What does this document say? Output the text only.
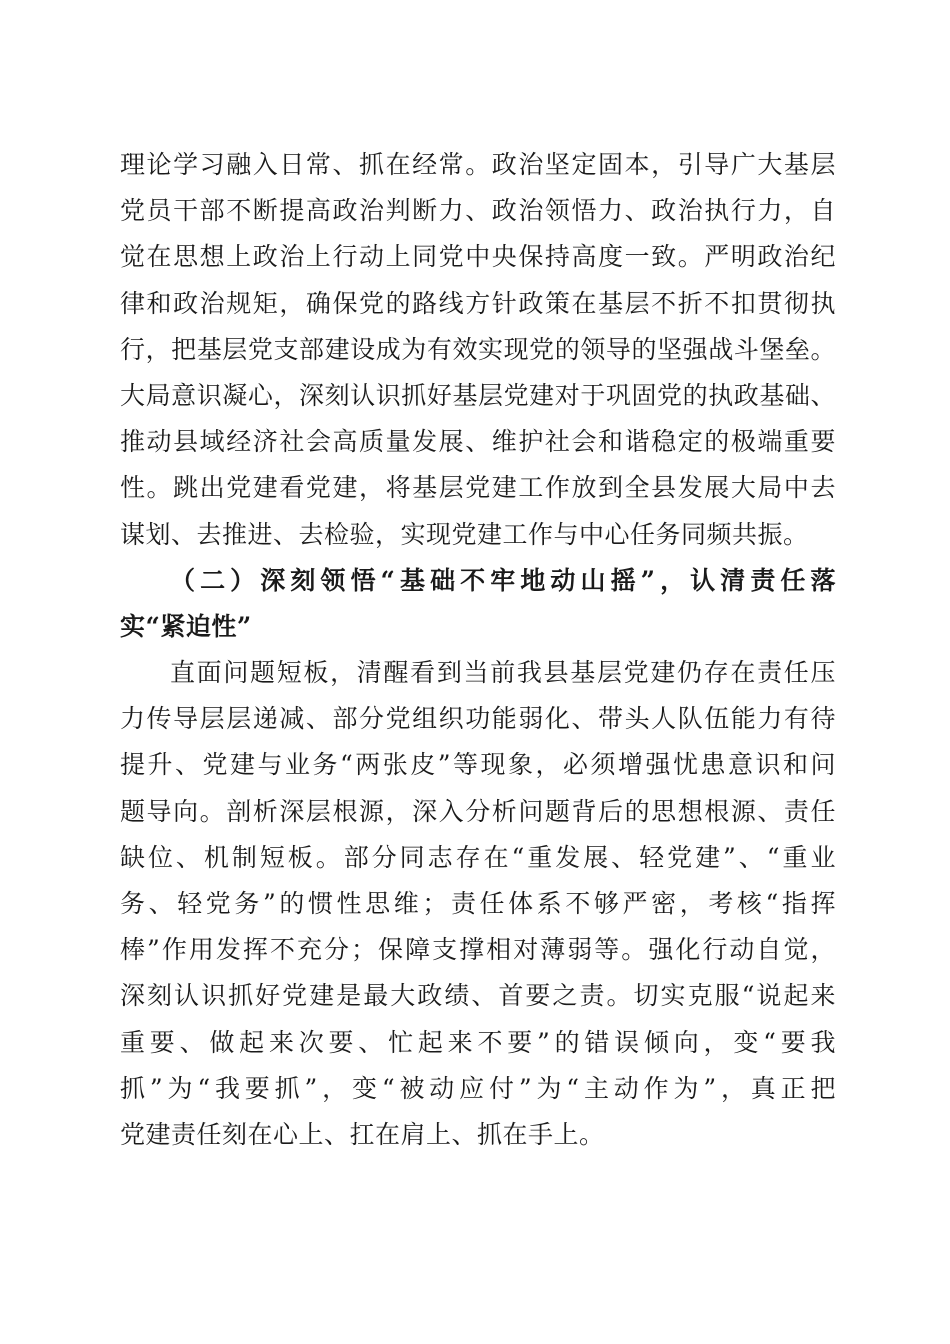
理论学习融入日常、抓在经常。政治坚定固本，引导广大基层
党员干部不断提高政治判断力、政治领悟力、政治执行力，自
觉在思想上政治上行动上同党中央保持高度一致。严明政治纪
律和政治规矩，确保党的路线方针政策在基层不折不扣贯彻执
行，把基层党支部建设成为有效实现党的领导的坚强战斗堡垒。
大局意识凝心，深刻认识抓好基层党建对于巩固党的执政基础、
推动县域经济社会高质量发展、维护社会和谐稳定的极端重要
性。跳出党建看党建，将基层党建工作放到全县发展大局中去
谋划、去推进、去检验，实现党建工作与中心任务同频共振。
（二）深刻领悟“基础不牢地动山摇”，认清责任落
实“紧迫性”
直面问题短板，清醒看到当前我县基层党建仍存在责任压
力传导层层递减、部分党组织功能弱化、带头人队伍能力有待
提升、党建与业务“两张皮”等现象，必须增强忧患意识和问
题导向。剖析深层根源，深入分析问题背后的思想根源、责任
缺位、机制短板。部分同志存在“重发展、轻党建”、“重业
务、轻党务”的惯性思维；责任体系不够严密，考核“指挥
棒”作用发挥不充分；保障支撑相对薄弱等。强化行动自觉，
深刻认识抓好党建是最大政绩、首要之责。切实克服“说起来
重要、做起来次要、忙起来不要”的错误倾向，变“要我
抓”为“我要抓”，变“被动应付”为“主动作为”，真正把
党建责任刻在心上、扛在肩上、抓在手上。
